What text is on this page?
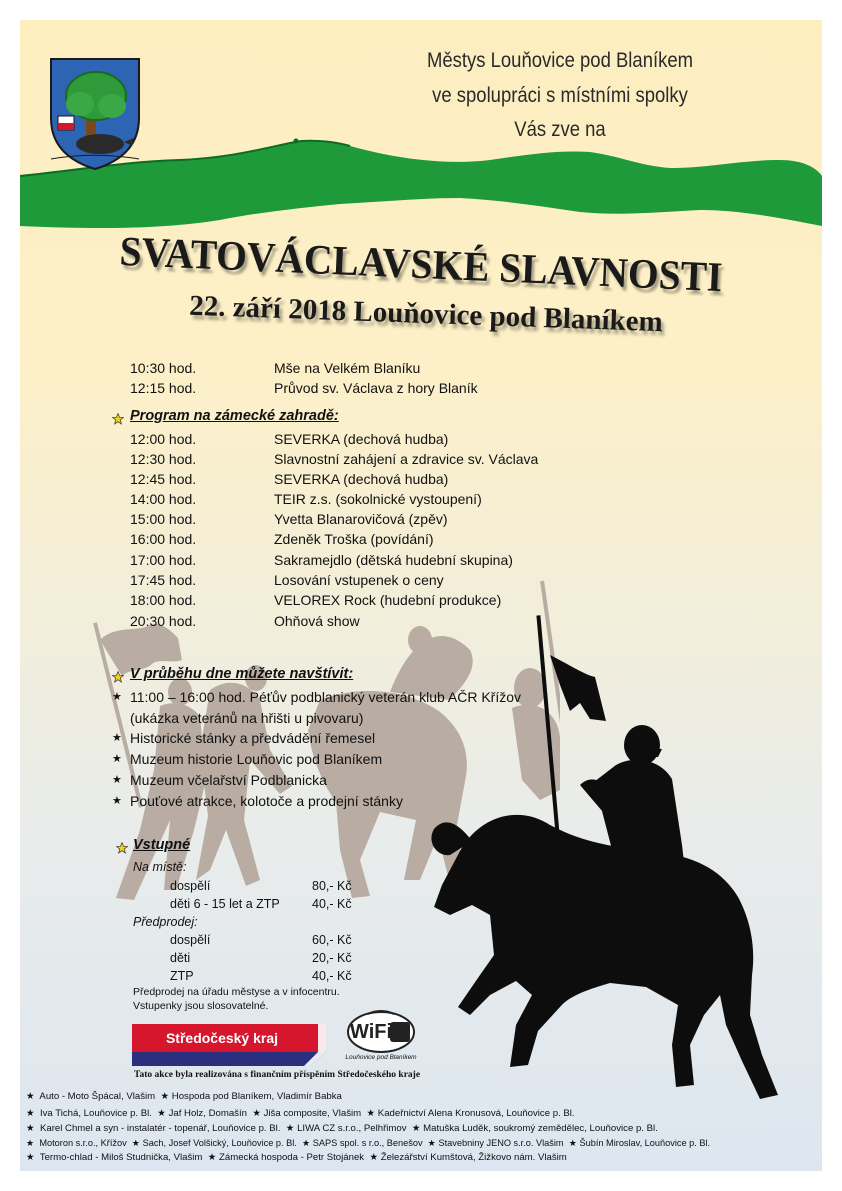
Městys Louňovice pod Blaníkem
ve spolupráci s místními spolky
Vás zve na
SVATOVÁCLAVSKÉ SLAVNOSTI
22. září 2018 Louňovice pod Blaníkem
10:30 hod.	Mše na Velkém Blaníku
12:15 hod.	Průvod sv. Václava z hory Blaník
Program na zámecké zahradě:
12:00 hod.	SEVERKA (dechová hudba)
12:30 hod.	Slavnostní zahájení a zdravice sv. Václava
12:45 hod.	SEVERKA (dechová hudba)
14:00 hod.	TEIR z.s. (sokolnické vystoupení)
15:00 hod.	Yvetta Blanarovičová (zpěv)
16:00 hod.	Zdeněk Troška (povídání)
17:00 hod.	Sakramejdlo (dětská hudební skupina)
17:45 hod.	Losování vstupenek o ceny
18:00 hod.	VELOREX Rock (hudební produkce)
20:30 hod.	Ohňová show
V průběhu dne můžete navštívit:
★ 11:00 – 16:00 hod. Péťův podblanický veterán klub AČR Křížov
(ukázka veteránů na hřišti u pivovaru)
★ Historické stánky a předvádění řemesel
★ Muzeum historie Louňovic pod Blaníkem
★ Muzeum včelařství Podblanicka
★ Pouťové atrakce, kolotoče a prodejní stánky
Vstupné
Na místě:
dospělí	80,- Kč
děti 6 - 15 let a ZTP	40,- Kč
Předprodej:
dospělí	60,- Kč
děti	20,- Kč
ZTP	40,- Kč
Předprodej na úřadu městyse a v infocentru.
Vstupenky jsou slosovatelné.
Středočeský kraj	WiFi
Louňovice pod Blaníkem
Tato akce byla realizována s finančním příspěním Středočeského kraje
★ Auto - Moto Špácal, Vlašim ★ Hospoda pod Blaníkem, Vladimír Babka
★ Iva Tichá, Louňovice p. Bl. ★ Jaf Holz, Domašín ★ Jiša composite, Vlašim ★ Kadeřnictví Alena Kronusová, Louňovice p. Bl.
★ Karel Chmel a syn - instalatér - topenář, Louňovice p. Bl. ★ LIWA CZ s.r.o., Pelhřimov ★ Matuška Luděk, soukromý zemědělec, Louňovice p. Bl.
★ Motoron s.r.o., Křížov ★ Sach, Josef Volšický, Louňovice p. Bl. ★ SAPS spol. s r.o., Benešov ★ Stavebniny JENO s.r.o. Vlašim ★ Šubín Miroslav, Louňovice p. Bl.
★ Termo-chlad - Miloš Studnička, Vlašim ★ Zámecká hospoda - Petr Stojánek ★ Železářství Kumštová, Žižkovo nám. Vlašim
